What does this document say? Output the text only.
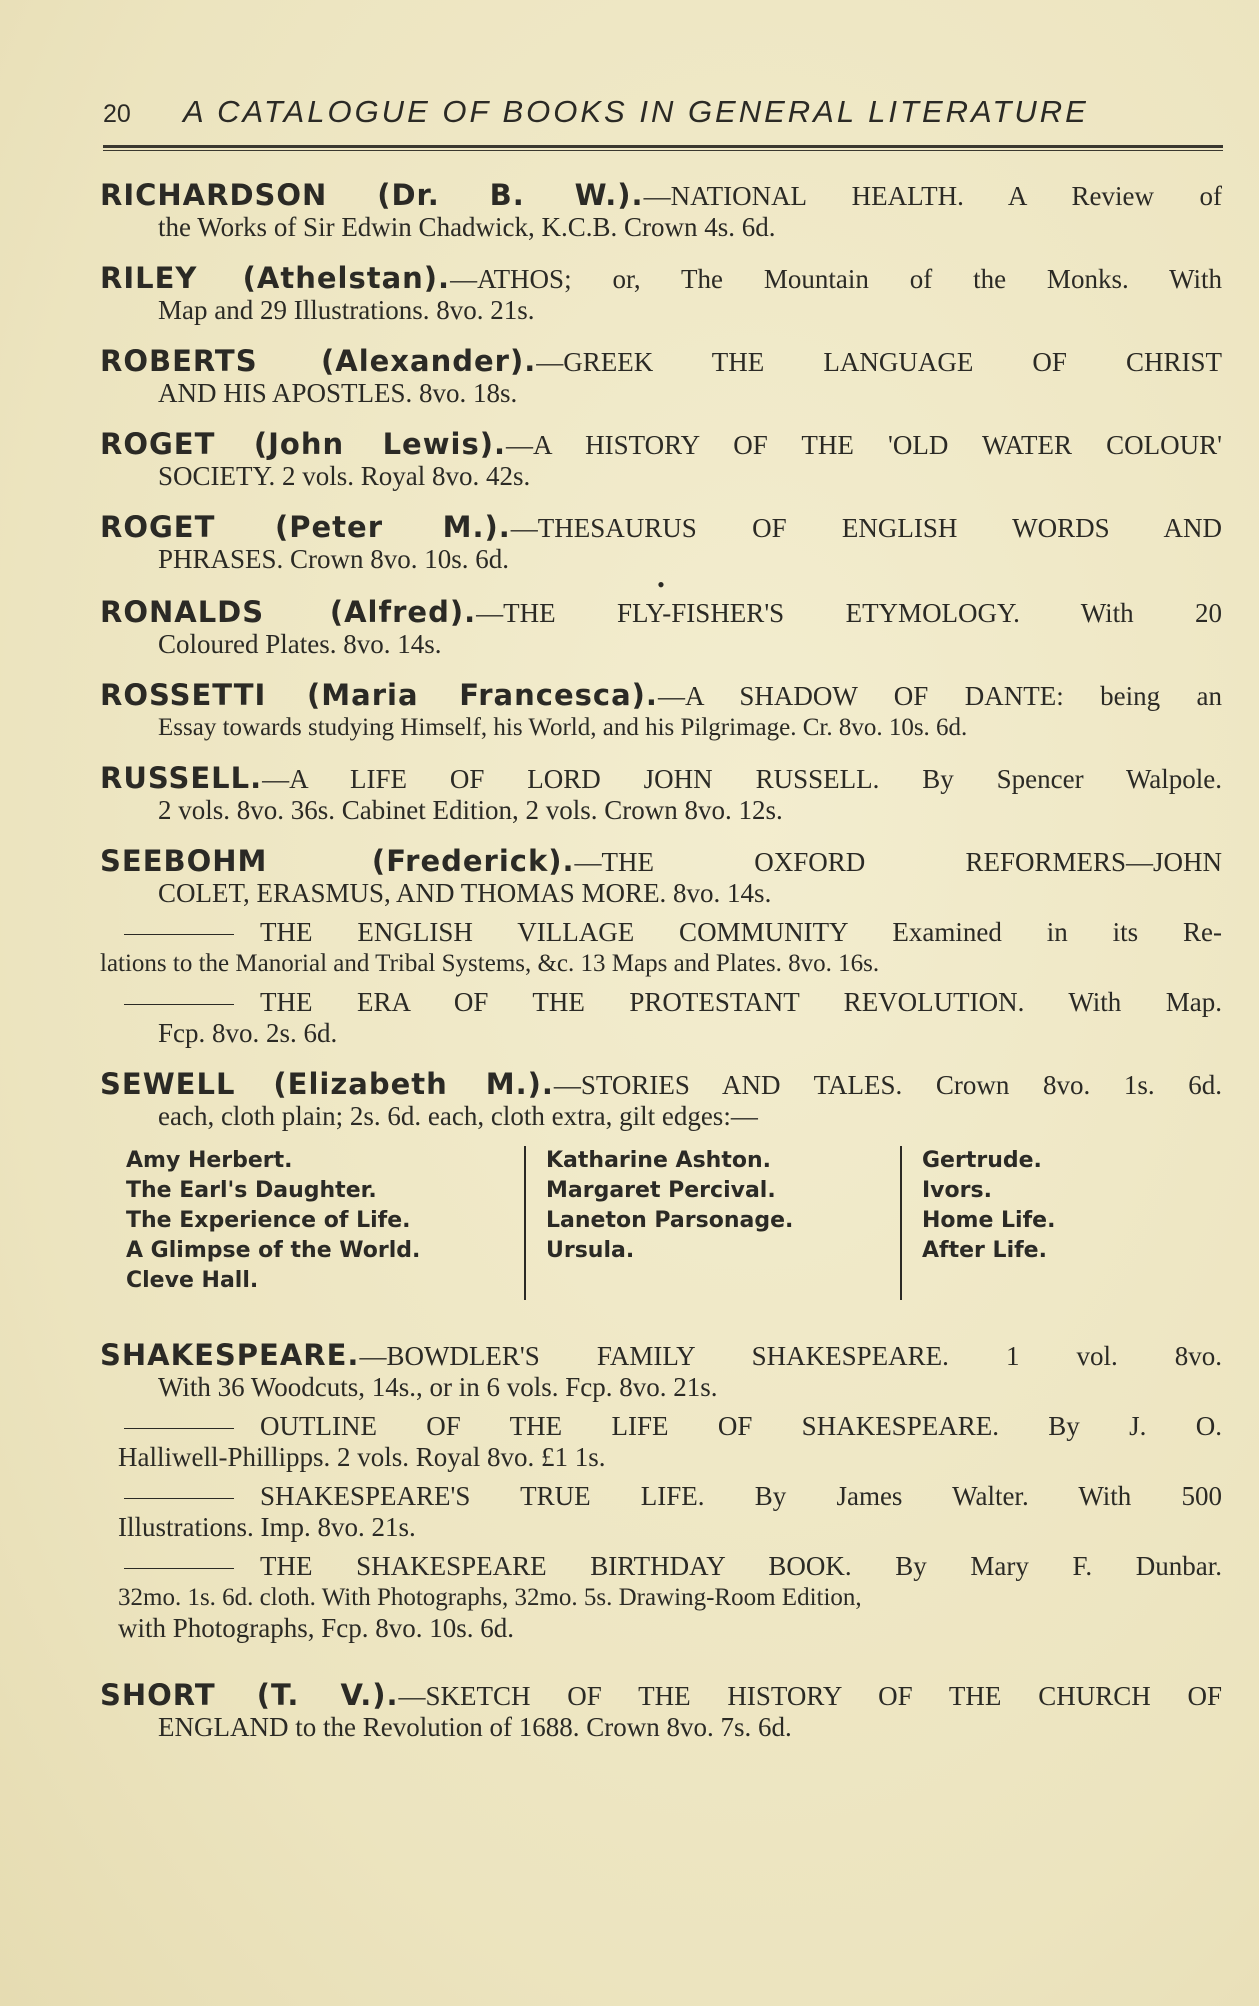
20 A CATALOGUE OF BOOKS IN GENERAL LITERATURE
RICHARDSON (Dr. B. W.).—NATIONAL HEALTH. A Review of
the Works of Sir Edwin Chadwick, K.C.B. Crown 4s. 6d.
RILEY (Athelstan).—ATHOS; or, The Mountain of the Monks. With
Map and 29 Illustrations. 8vo. 21s.
ROBERTS (Alexander).—GREEK THE LANGUAGE OF CHRIST
AND HIS APOSTLES. 8vo. 18s.
ROGET (John Lewis).—A HISTORY OF THE 'OLD WATER COLOUR'
SOCIETY. 2 vols. Royal 8vo. 42s.
ROGET (Peter M.).—THESAURUS OF ENGLISH WORDS AND
PHRASES. Crown 8vo. 10s. 6d.
•
RONALDS (Alfred).—THE FLY-FISHER'S ETYMOLOGY. With 20
Coloured Plates. 8vo. 14s.
ROSSETTI (Maria Francesca).—A SHADOW OF DANTE: being an
Essay towards studying Himself, his World, and his Pilgrimage. Cr. 8vo. 10s. 6d.
RUSSELL.—A LIFE OF LORD JOHN RUSSELL. By Spencer Walpole.
2 vols. 8vo. 36s. Cabinet Edition, 2 vols. Crown 8vo. 12s.
SEEBOHM (Frederick).—THE OXFORD REFORMERS—JOHN
COLET, ERASMUS, AND THOMAS MORE. 8vo. 14s.
THE ENGLISH VILLAGE COMMUNITY Examined in its Re-
lations to the Manorial and Tribal Systems, &c. 13 Maps and Plates. 8vo. 16s.
THE ERA OF THE PROTESTANT REVOLUTION. With Map.
Fcp. 8vo. 2s. 6d.
SEWELL (Elizabeth M.).—STORIES AND TALES. Crown 8vo. 1s. 6d.
each, cloth plain; 2s. 6d. each, cloth extra, gilt edges:—
Amy Herbert.
The Earl's Daughter.
The Experience of Life.
A Glimpse of the World.
Cleve Hall.
Katharine Ashton.
Margaret Percival.
Laneton Parsonage.
Ursula.
Gertrude.
Ivors.
Home Life.
After Life.
SHAKESPEARE.—BOWDLER'S FAMILY SHAKESPEARE. 1 vol. 8vo.
With 36 Woodcuts, 14s., or in 6 vols. Fcp. 8vo. 21s.
OUTLINE OF THE LIFE OF SHAKESPEARE. By J. O.
Halliwell-Phillipps. 2 vols. Royal 8vo. £1 1s.
SHAKESPEARE'S TRUE LIFE. By James Walter. With 500
Illustrations. Imp. 8vo. 21s.
THE SHAKESPEARE BIRTHDAY BOOK. By Mary F. Dunbar.
32mo. 1s. 6d. cloth. With Photographs, 32mo. 5s. Drawing-Room Edition,
with Photographs, Fcp. 8vo. 10s. 6d.
SHORT (T. V.).—SKETCH OF THE HISTORY OF THE CHURCH OF
ENGLAND to the Revolution of 1688. Crown 8vo. 7s. 6d.
